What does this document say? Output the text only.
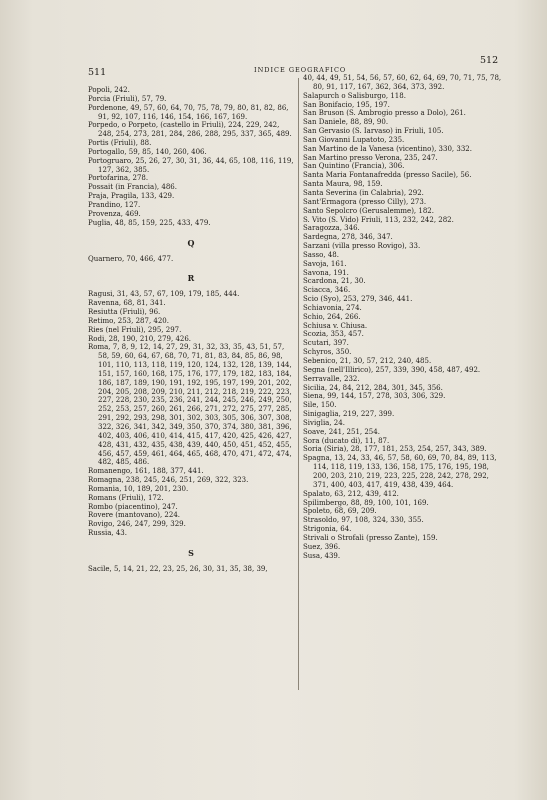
511	INDICE GEOGRAFICO
512
Popoli, 242.
Porcia (Friuli), 57, 79.
Pordenone, 49, 57, 60, 64, 70, 75, 78, 79, 80, 81, 82, 86, 91, 92, 107, 116, 146, 154, 166, 167, 169.
Porpedo, o Porpeto, (castello in Friuli), 224, 229, 242, 248, 254, 273, 281, 284, 286, 288, 295, 337, 365, 489.
Portis (Friuli), 88.
Portogallo, 59, 85, 140, 260, 406.
Portogruaro, 25, 26, 27, 30, 31, 36, 44, 65, 108, 116, 119, 127, 362, 385.
Portofarina, 278.
Possait (in Francia), 486.
Praja, Pragila, 133, 429.
Prandino, 127.
Provenza, 469.
Puglia, 48, 85, 159, 225, 433, 479.
Q
Quarnero, 70, 466, 477.
R
Ragusi, 31, 43, 57, 67, 109, 179, 185, 444.
Ravenna, 68, 81, 341.
Resiutta (Friuli), 96.
Retimo, 253, 287, 420.
Ries (nel Friuli), 295, 297.
Rodi, 28, 190, 210, 279, 426.
Roma, 7, 8, 9, 12, 14, 27, 29, 31, 32, 33, 35, 43, 51, 57, 58, 59, 60, 64, 67, 68, 70, 71, 81, 83, 84, 85, 86, 98, 101, 110, 113, 118, 119, 120, 124, 132, 128, 139, 144, 151, 157, 160, 168, 175, 176, 177, 179, 182, 183, 184, 186, 187, 189, 190, 191, 192, 195, 197, 199, 201, 202, 204, 205, 208, 209, 210, 211, 212, 218, 219, 222, 223, 227, 228, 230, 235, 236, 241, 244, 245, 246, 249, 250, 252, 253, 257, 260, 261, 266, 271, 272, 275, 277, 285, 291, 292, 293, 298, 301, 302, 303, 305, 306, 307, 308, 322, 326, 341, 342, 349, 350, 370, 374, 380, 381, 396, 402, 403, 406, 410, 414, 415, 417, 420, 425, 426, 427, 428, 431, 432, 435, 438, 439, 440, 450, 451, 452, 455, 456, 457, 459, 461, 464, 465, 468, 470, 471, 472, 474, 482, 485, 486.
Romanengo, 161, 188, 377, 441.
Romagna, 238, 245, 246, 251, 269, 322, 323.
Romania, 10, 189, 201, 230.
Romans (Friuli), 172.
Rombo (piacentino), 247.
Rovere (mantovano), 224.
Rovigo, 246, 247, 299, 329.
Russia, 43.
S
Sacile, 5, 14, 21, 22, 23, 25, 26, 30, 31, 35, 38, 39,
40, 44, 49, 51, 54, 56, 57, 60, 62, 64, 69, 70, 71, 75, 78, 80, 91, 117, 167, 362, 364, 373, 392.
Salapurch o Salisburgo, 118.
San Bonifacio, 195, 197.
San Bruson (S. Ambrogio presso a Dolo), 261.
San Daniele, 88, 89, 90.
San Gervasio (S. Iarvaso) in Friuli, 105.
San Giovanni Lupatoto, 235.
San Martino de la Vanesa (vicentino), 330, 332.
San Martino presso Verona, 235, 247.
San Quintino (Francia), 306.
Santa Maria Fontanafredda (presso Sacile), 56.
Santa Maura, 98, 159.
Santa Severina (in Calabria), 292.
Sant'Ermagora (presso Cilly), 273.
Santo Sepolcro (Gerusalemme), 182.
S. Vito (S. Vido) Friuli, 113, 232, 242, 282.
Saragozza, 346.
Sardegna, 278, 346, 347.
Sarzani (villa presso Rovigo), 33.
Sasso, 48.
Savoja, 161.
Savona, 191.
Scardona, 21, 30.
Sciacca, 346.
Scio (Syo), 253, 279, 346, 441.
Schiavonia, 274.
Schio, 264, 266.
Schiusa v. Chiusa.
Scozia, 353, 457.
Scutari, 397.
Schyros, 350.
Sebenico, 21, 30, 57, 212, 240, 485.
Segna (nell'Illirico), 257, 339, 390, 458, 487, 492.
Serravalle, 232.
Sicilia, 24, 84, 212, 284, 301, 345, 356.
Siena, 99, 144, 157, 278, 303, 306, 329.
Sile, 150.
Sinigaglia, 219, 227, 399.
Siviglia, 24.
Soave, 241, 251, 254.
Sora (ducato di), 11, 87.
Soria (Siria), 28, 177, 181, 253, 254, 257, 343, 389.
Spagna, 13, 24, 33, 46, 57, 58, 60, 69, 70, 84, 89, 113, 114, 118, 119, 133, 136, 158, 175, 176, 195, 198, 200, 203, 210, 219, 223, 225, 228, 242, 278, 292, 371, 400, 403, 417, 419, 438, 439, 464.
Spalato, 63, 212, 439, 412.
Spilimbergo, 88, 89, 100, 101, 169.
Spoleto, 68, 69, 209.
Strasoldo, 97, 108, 324, 330, 355.
Strigonia, 64.
Strivali o Strofali (presso Zante), 159.
Suez, 396.
Susa, 439.
